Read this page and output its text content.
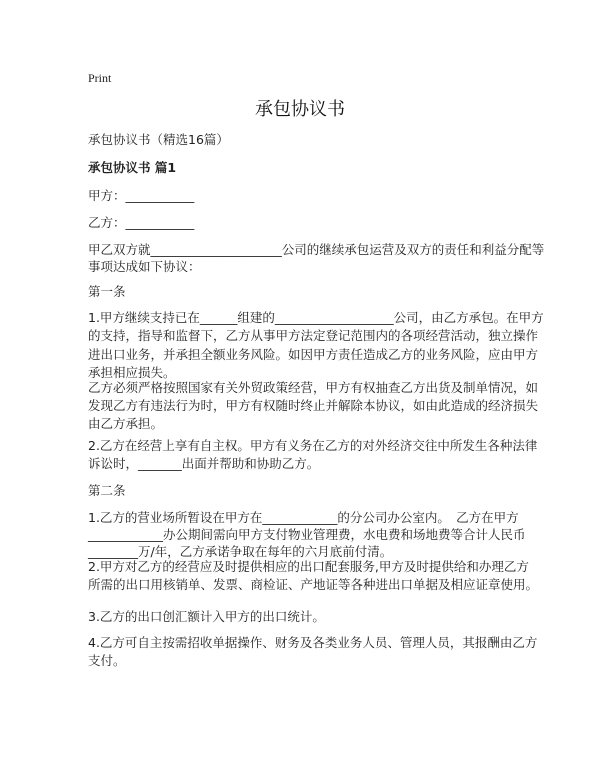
Print
承包协议书
承包协议书（精选16篇）
承包协议书 篇1
甲方：___________
乙方：___________
甲乙双方就_____________________公司的继续承包运营及双方的责任和利益分配等
事项达成如下协议：
第一条
1.甲方继续支持已在______组建的___________________公司，由乙方承包。在甲方
的支持，指导和监督下，乙方从事甲方法定登记范围内的各项经营活动，独立操作
进出口业务，并承担全额业务风险。如因甲方责任造成乙方的业务风险，应由甲方
承担相应损失。
乙方必须严格按照国家有关外贸政策经营，甲方有权抽查乙方出货及制单情况，如
发现乙方有违法行为时，甲方有权随时终止并解除本协议，如由此造成的经济损失
由乙方承担。
2.乙方在经营上享有自主权。甲方有义务在乙方的对外经济交往中所发生各种法律
诉讼时，_______出面并帮助和协助乙方。
第二条
1.乙方的营业场所暂设在甲方在____________的分公司办公室内。　乙方在甲方
____________办公期间需向甲方支付物业管理费，水电费和场地费等合计人民币
________万/年，乙方承诺争取在每年的六月底前付清。
2.甲方对乙方的经营应及时提供相应的出口配套服务,甲方及时提供给和办理乙方
所需的出口用核销单、发票、商检证、产地证等各种进出口单据及相应证章使用。
3.乙方的出口创汇额计入甲方的出口统计。
4.乙方可自主按需招收单据操作、财务及各类业务人员、管理人员，其报酬由乙方
支付。
